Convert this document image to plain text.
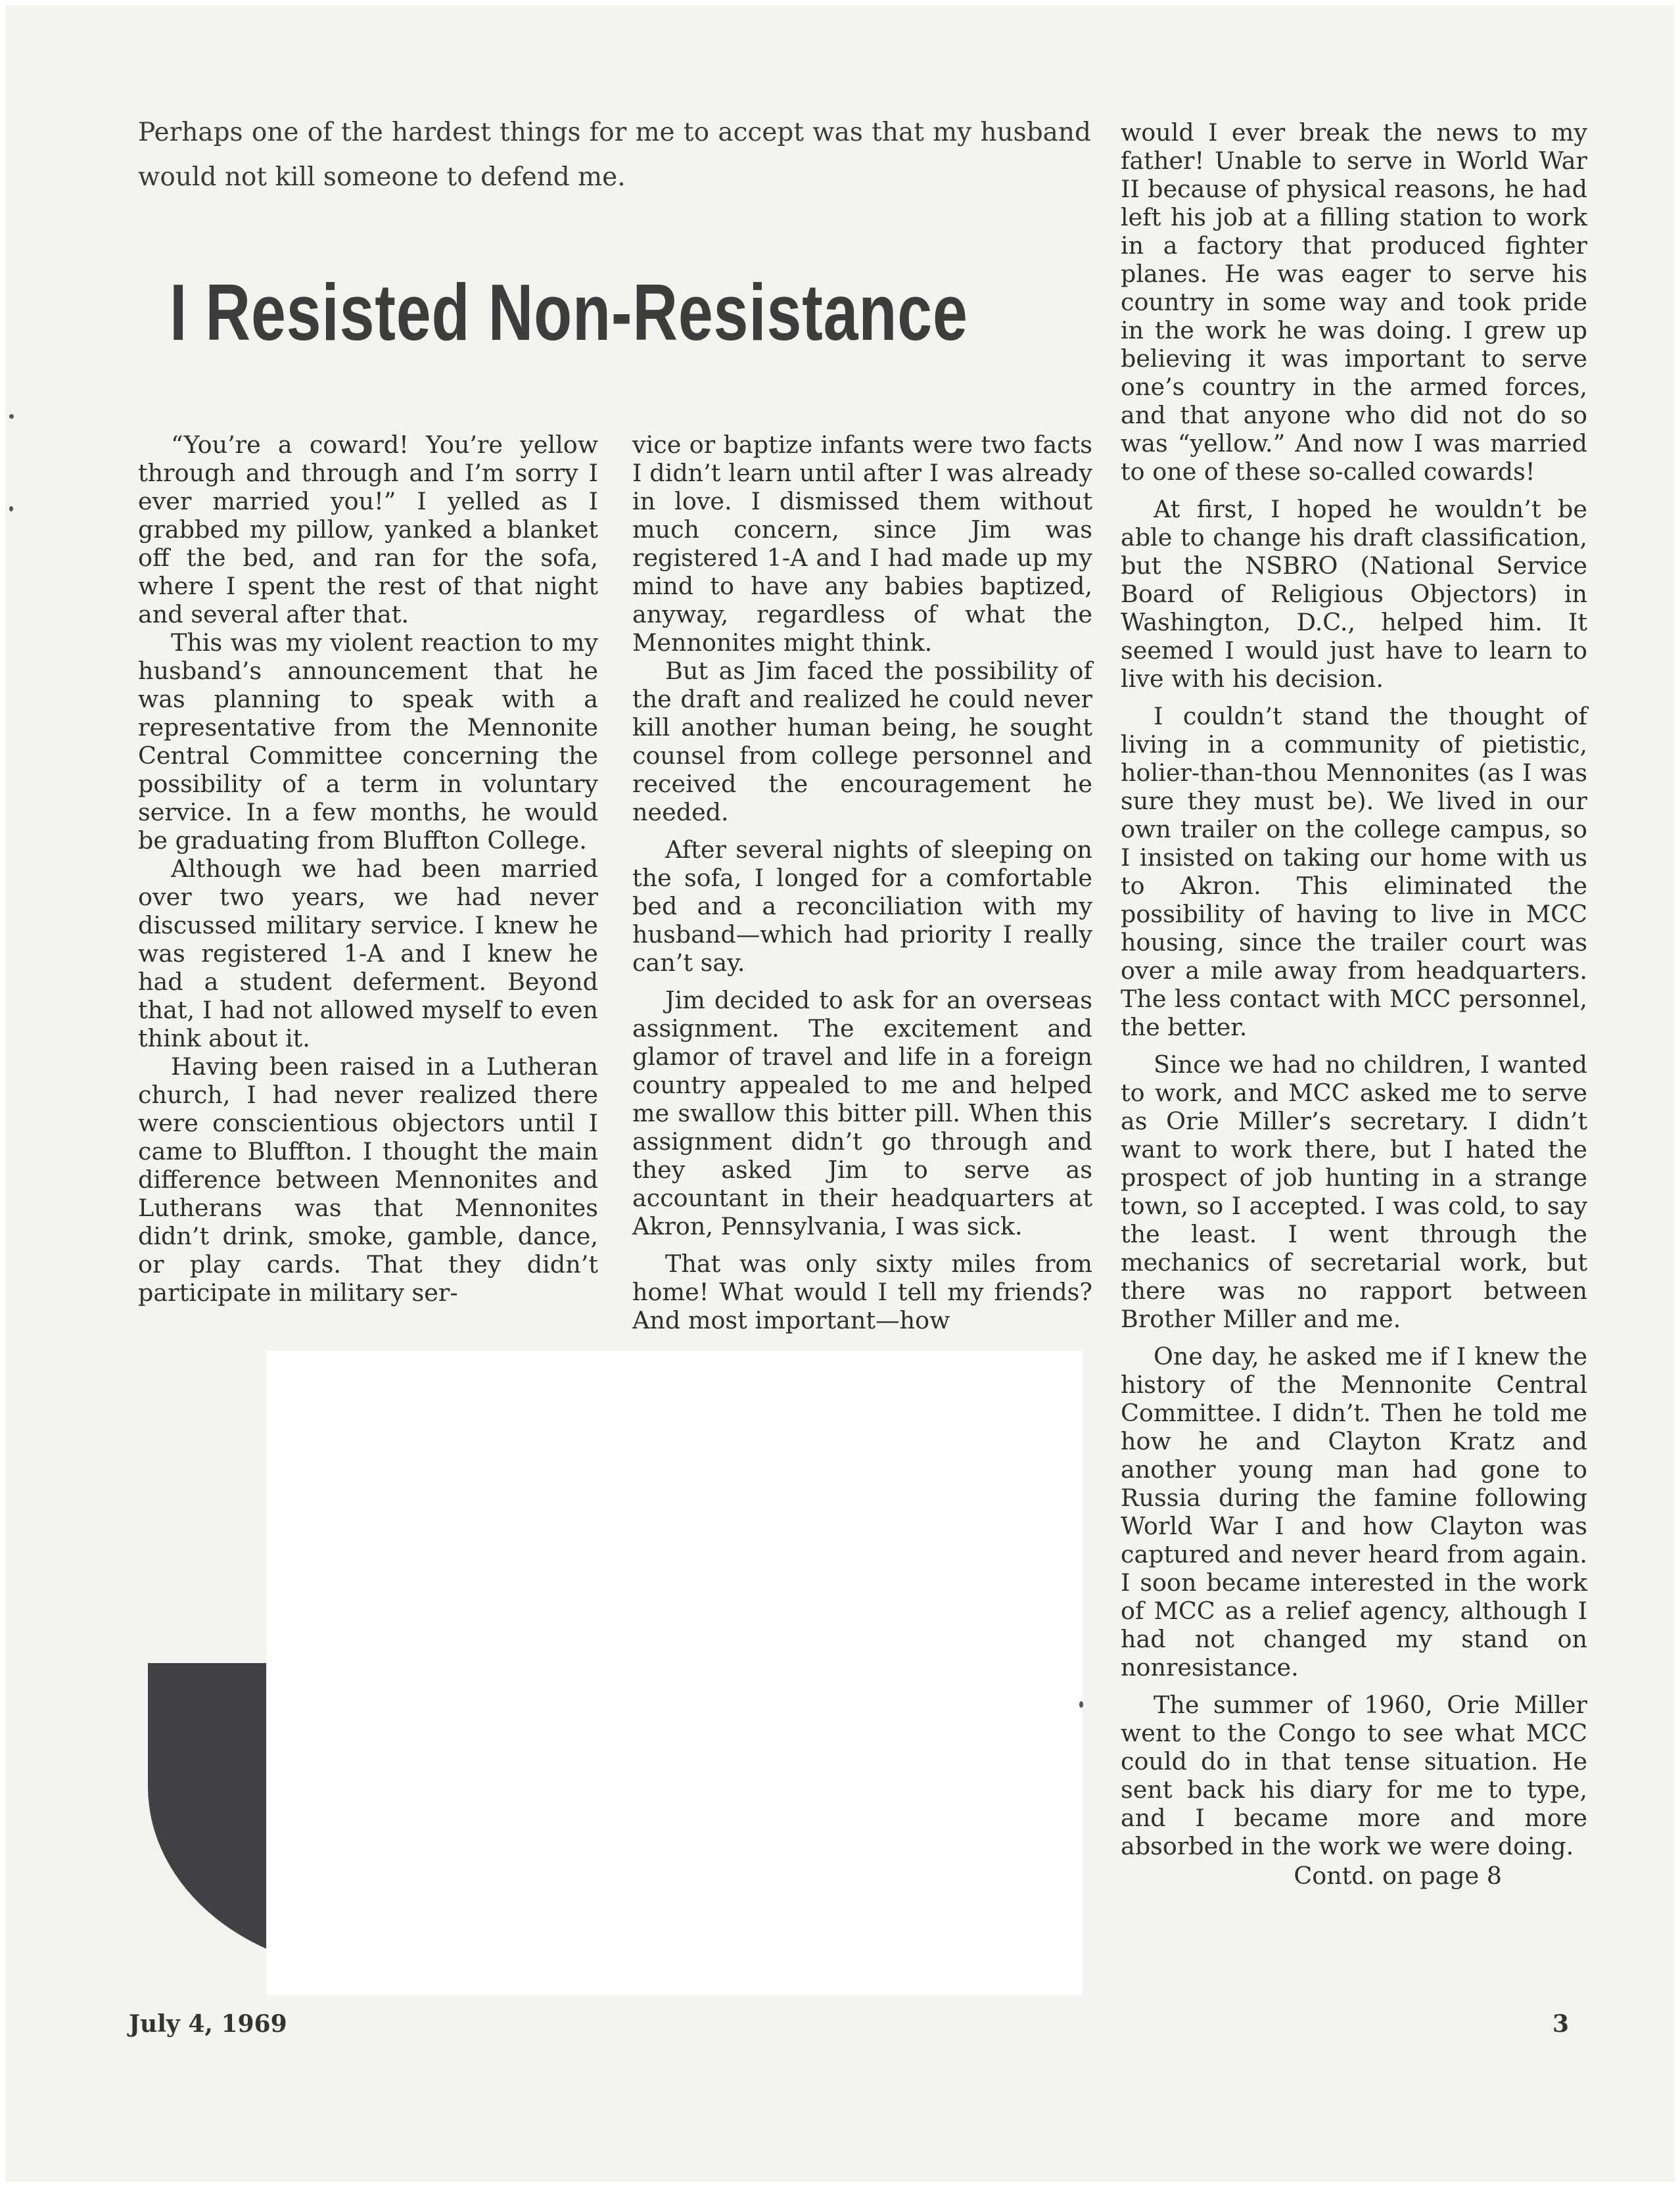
Perhaps one of the hardest things for me to accept was that my husband would not kill someone to defend me.
I Resisted Non-Resistance

“You’re a coward! You’re yellow through and through and I’m sorry I ever married you!” I yelled as I grabbed my pillow, yanked a blanket off the bed, and ran for the sofa, where I spent the rest of that night and several after that.

This was my violent reaction to my husband’s announcement that he was planning to speak with a representative from the Mennonite Central Committee concerning the possibility of a term in voluntary service. In a few months, he would be graduating from Bluffton College.

Although we had been married over two years, we had never discussed military service. I knew he was registered 1-A and I knew he had a student deferment. Beyond that, I had not allowed myself to even think about it.

Having been raised in a Lutheran church, I had never realized there were conscientious objectors until I came to Bluffton. I thought the main difference between Mennonites and Lutherans was that Mennonites didn’t drink, smoke, gamble, dance, or play cards. That they didn’t participate in military ser-

vice or baptize infants were two facts I didn’t learn until after I was already in love. I dismissed them without much concern, since Jim was registered 1-A and I had made up my mind to have any babies baptized, anyway, regardless of what the Mennonites might think.

But as Jim faced the possibility of the draft and realized he could never kill another human being, he sought counsel from college personnel and received the encouragement he needed.

After several nights of sleeping on the sofa, I longed for a comfortable bed and a reconciliation with my husband—which had priority I really can’t say.

Jim decided to ask for an overseas assignment. The excitement and glamor of travel and life in a foreign country appealed to me and helped me swallow this bitter pill. When this assignment didn’t go through and they asked Jim to serve as accountant in their headquarters at Akron, Pennsylvania, I was sick.

That was only sixty miles from home! What would I tell my friends? And most important—how

would I ever break the news to my father! Unable to serve in World War II because of physical reasons, he had left his job at a filling station to work in a factory that produced fighter planes. He was eager to serve his country in some way and took pride in the work he was doing. I grew up believing it was important to serve one’s country in the armed forces, and that anyone who did not do so was “yellow.” And now I was married to one of these so-called cowards!

At first, I hoped he wouldn’t be able to change his draft classification, but the NSBRO (National Service Board of Religious Objectors) in Washington, D.C., helped him. It seemed I would just have to learn to live with his decision.

I couldn’t stand the thought of living in a community of pietistic, holier-than-thou Mennonites (as I was sure they must be). We lived in our own trailer on the college campus, so I insisted on taking our home with us to Akron. This eliminated the possibility of having to live in MCC housing, since the trailer court was over a mile away from headquarters. The less contact with MCC personnel, the better.

Since we had no children, I wanted to work, and MCC asked me to serve as Orie Miller’s secretary. I didn’t want to work there, but I hated the prospect of job hunting in a strange town, so I accepted. I was cold, to say the least. I went through the mechanics of secretarial work, but there was no rapport between Brother Miller and me.

One day, he asked me if I knew the history of the Mennonite Central Committee. I didn’t. Then he told me how he and Clayton Kratz and another young man had gone to Russia during the famine following World War I and how Clayton was captured and never heard from again. I soon became interested in the work of MCC as a relief agency, although I had not changed my stand on nonresistance.

The summer of 1960, Orie Miller went to the Congo to see what MCC could do in that tense situation. He sent back his diary for me to type, and I became more and more absorbed in the work we were doing.

Contd. on page 8

July 4, 1969	3
